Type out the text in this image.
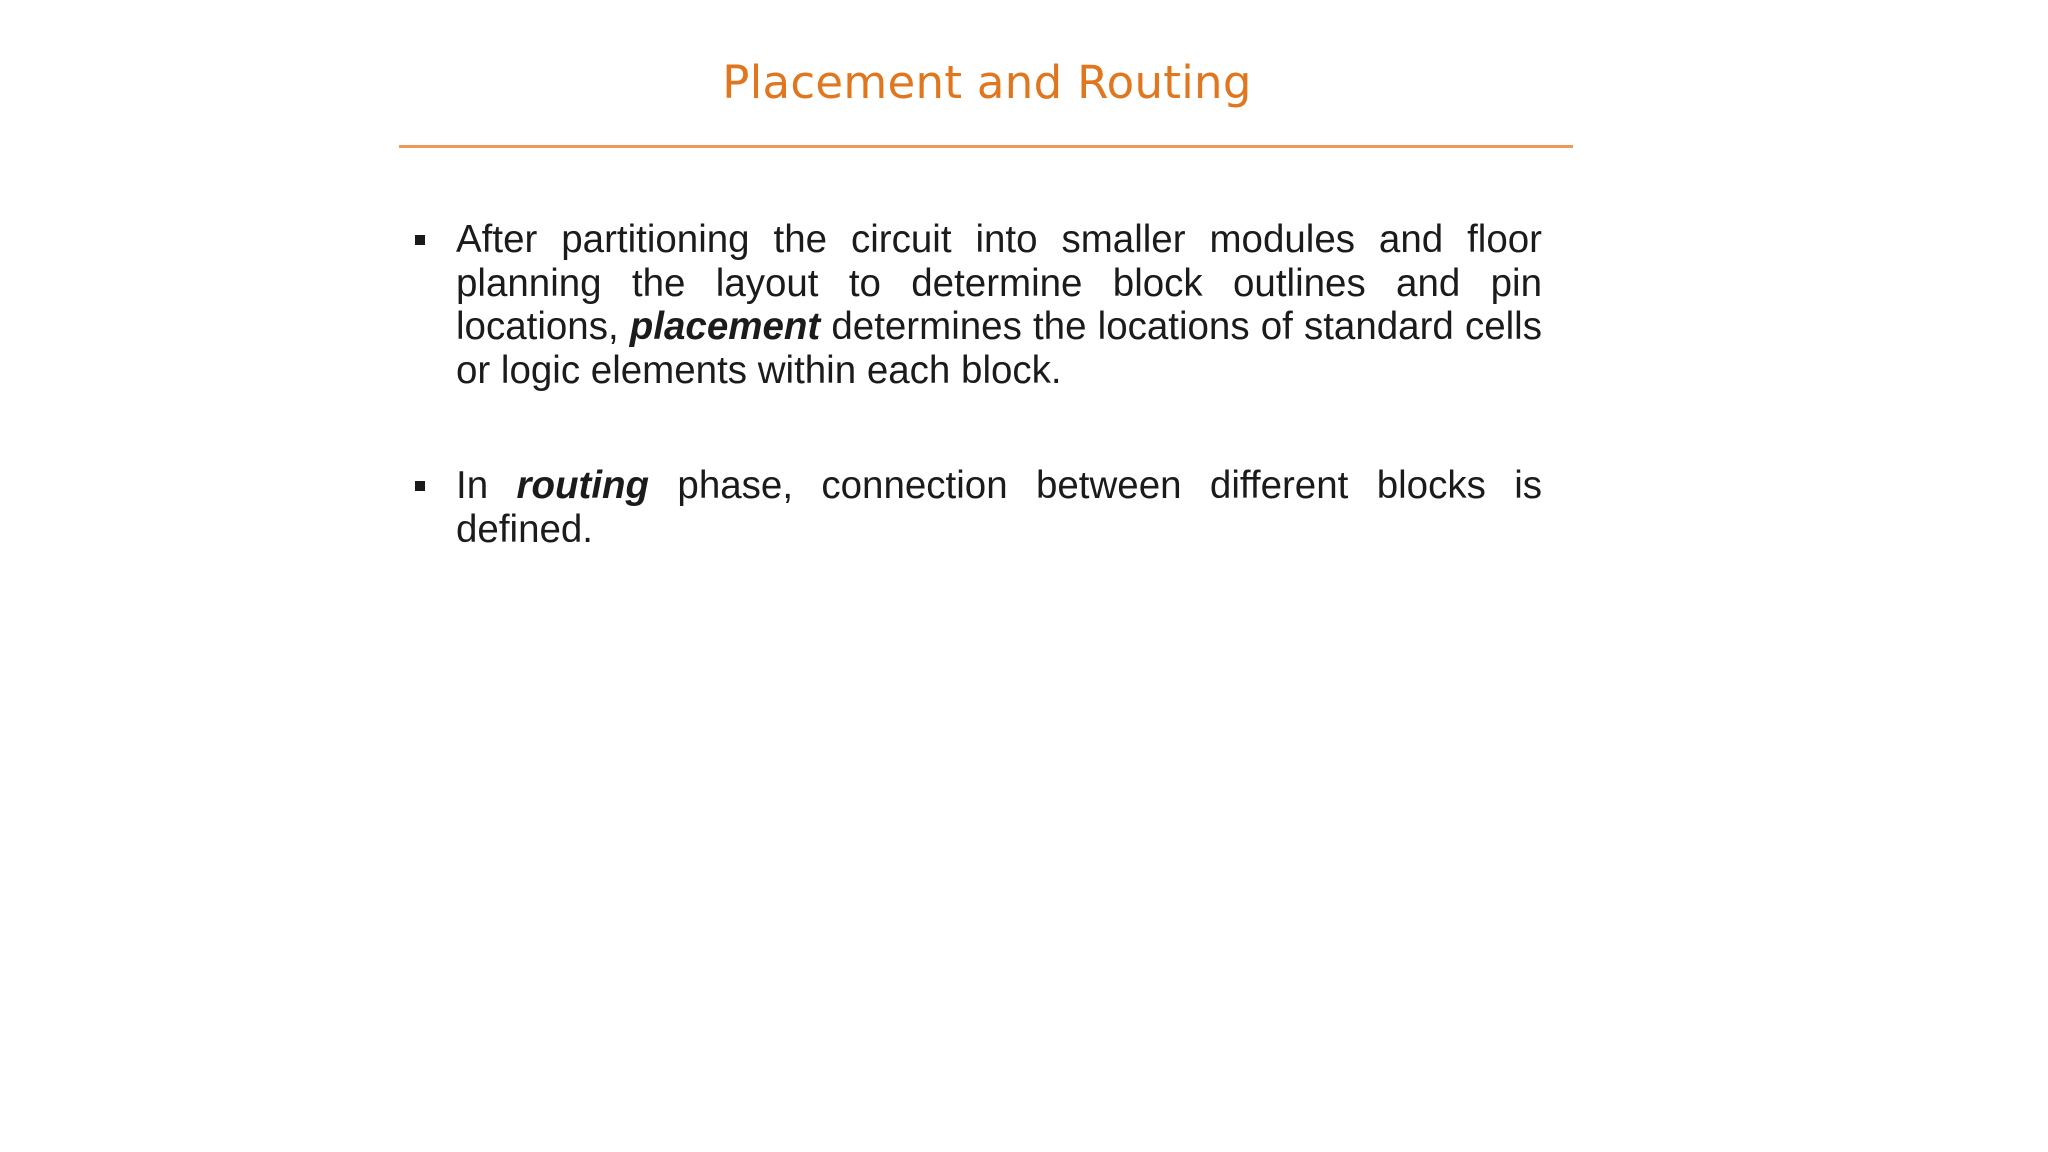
Placement and Routing
After partitioning the circuit into smaller modules and floor planning the layout to determine block outlines and pin locations, placement determines the locations of standard cells or logic elements within each block.
In routing phase, connection between different blocks is defined.
